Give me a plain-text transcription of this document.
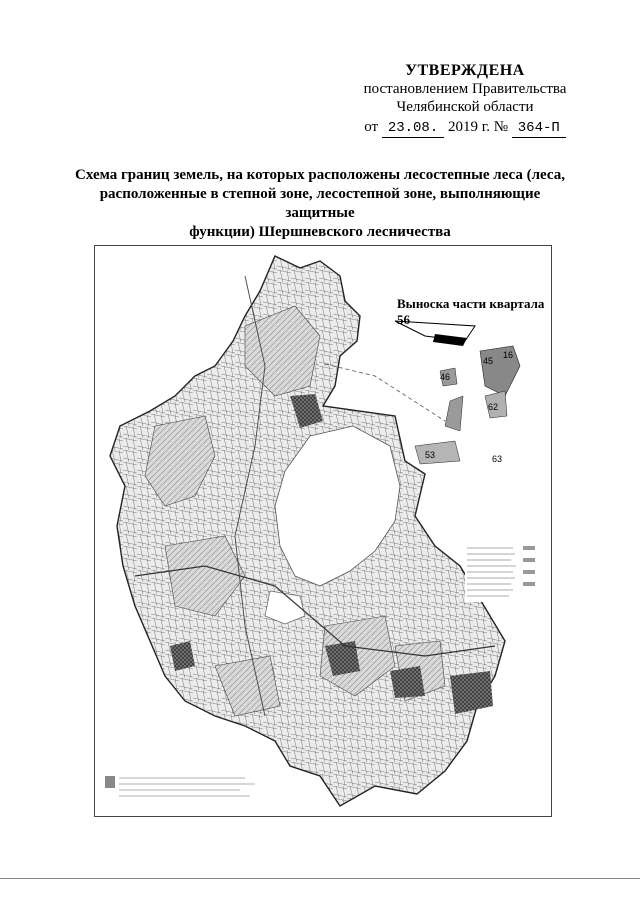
УТВЕРЖДЕНА
постановлением Правительства
Челябинской области
от 23.08. 2019 г. № 364-П
Схема границ земель, на которых расположены лесостепные леса (леса,
расположенные в степной зоне, лесостепной зоне, выполняющие защитные
функции) Шершневского лесничества
45
46
16
62
53	63
Выноска части квартала 56
